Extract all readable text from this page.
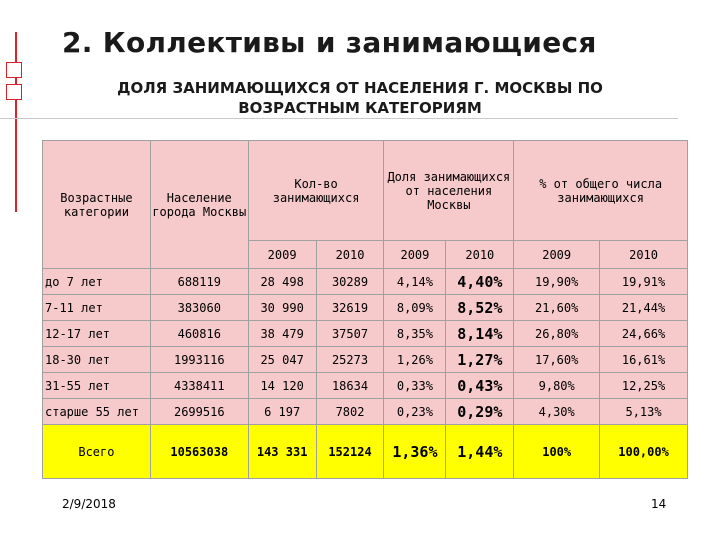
2. Коллективы и занимающиеся
ДОЛЯ ЗАНИМАЮЩИХСЯ ОТ НАСЕЛЕНИЯ Г. МОСКВЫ ПО
ВОЗРАСТНЫМ КАТЕГОРИЯМ
Возрастные категории	Население города Москвы	Кол-во занимающихся		Доля занимающихся от населения Москвы		% от общего числа занимающихся	
		2009	2010	2009	2010	2009	2010
до 7 лет	688119	28 498	30289	4,14%	4,40%	19,90%	19,91%
7-11 лет	383060	30 990	32619	8,09%	8,52%	21,60%	21,44%
12-17 лет	460816	38 479	37507	8,35%	8,14%	26,80%	24,66%
18-30 лет	1993116	25 047	25273	1,26%	1,27%	17,60%	16,61%
31-55 лет	4338411	14 120	18634	0,33%	0,43%	9,80%	12,25%
старше 55 лет	2699516	6 197	7802	0,23%	0,29%	4,30%	5,13%
Всего	10563038	143 331	152124	1,36%	1,44%	100%	100,00%
2/9/2018	14
